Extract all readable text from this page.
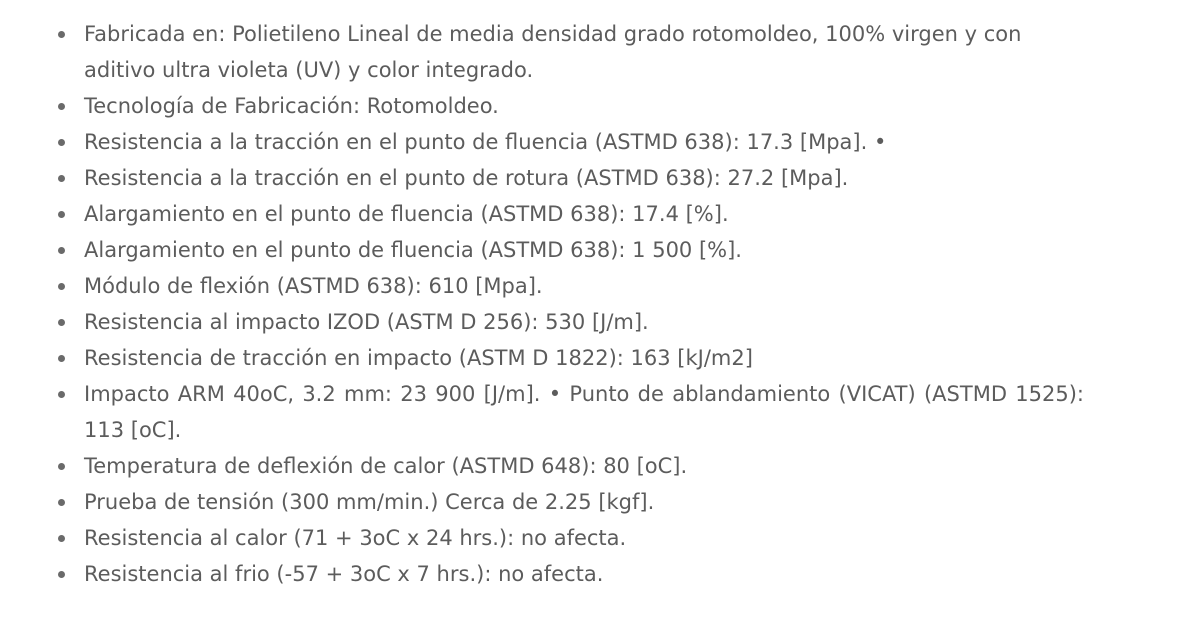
Fabricada en: Polietileno Lineal de media densidad grado rotomoldeo, 100% virgen y con aditivo ultra violeta (UV) y color integrado.
Tecnología de Fabricación: Rotomoldeo.
Resistencia a la tracción en el punto de fluencia (ASTMD 638): 17.3 [Mpa]. •
Resistencia a la tracción en el punto de rotura (ASTMD 638): 27.2 [Mpa].
Alargamiento en el punto de fluencia (ASTMD 638): 17.4 [%].
Alargamiento en el punto de fluencia (ASTMD 638): 1 500 [%].
Módulo de flexión (ASTMD 638): 610 [Mpa].
Resistencia al impacto IZOD (ASTM D 256): 530 [J/m].
Resistencia de tracción en impacto (ASTM D 1822): 163 [kJ/m2]
Impacto ARM 40oC, 3.2 mm: 23 900 [J/m]. • Punto de ablandamiento (VICAT) (ASTMD 1525): 113 [oC].
Temperatura de deflexión de calor (ASTMD 648): 80 [oC].
Prueba de tensión (300 mm/min.) Cerca de 2.25 [kgf].
Resistencia al calor (71 + 3oC x 24 hrs.): no afecta.
Resistencia al frio (-57 + 3oC x 7 hrs.): no afecta.
